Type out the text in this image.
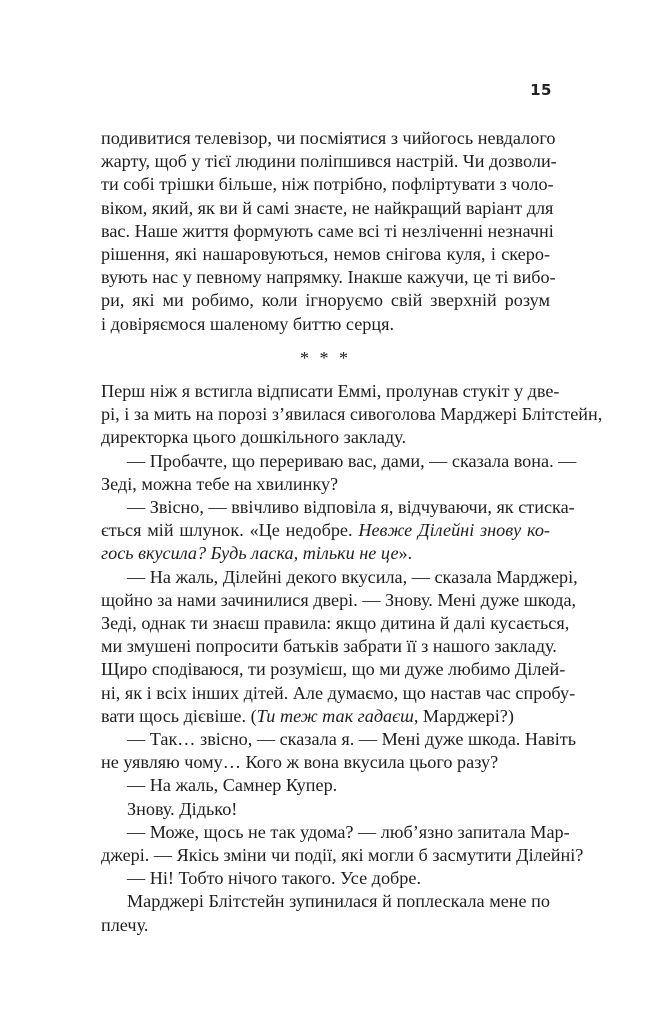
15
подивитися телевізор, чи посміятися з чийогось невдалого
жарту, щоб у тієї людини поліпшився настрій. Чи дозволи-
ти собі трішки більше, ніж потрібно, пофліртувати з чоло-
віком, який, як ви й самі знаєте, не найкращий варіант для
вас. Наше життя формують саме всі ті незліченні незначні
рішення, які нашаровуються, немов снігова куля, і скеро-
вують нас у певному напрямку. Інакше кажучи, це ті вибо-
ри, які ми робимо, коли ігноруємо свій зверхній розум
і довіряємося шаленому биттю серця.
* * *
Перш ніж я встигла відписати Еммі, пролунав стукіт у две-
рі, і за мить на порозі з’явилася сивоголова Марджері Блітстейн,
директорка цього дошкільного закладу.
— Пробачте, що перериваю вас, дами, — сказала вона. —
Зеді, можна тебе на хвилинку?
— Звісно, — ввічливо відповіла я, відчуваючи, як стиска-
ється мій шлунок. «Це недобре. Невже Ділейні знову ко-
гось вкусила? Будь ласка, тільки не це».
— На жаль, Ділейні декого вкусила, — сказала Марджері,
щойно за нами зачинилися двері. — Знову. Мені дуже шкода,
Зеді, однак ти знаєш правила: якщо дитина й далі кусається,
ми змушені попросити батьків забрати її з нашого закладу.
Щиро сподіваюся, ти розумієш, що ми дуже любимо Ділей-
ні, як і всіх інших дітей. Але думаємо, що настав час спробу-
вати щось дієвіше. (Ти теж так гадаєш, Марджері?)
— Так… звісно, — сказала я. — Мені дуже шкода. Навіть
не уявляю чому… Кого ж вона вкусила цього разу?
— На жаль, Самнер Купер.
Знову. Дідько!
— Може, щось не так удома? — люб’язно запитала Мар-
джері. — Якісь зміни чи події, які могли б засмутити Ділейні?
— Ні! Тобто нічого такого. Усе добре.
Марджері Блітстейн зупинилася й поплескала мене по
плечу.
